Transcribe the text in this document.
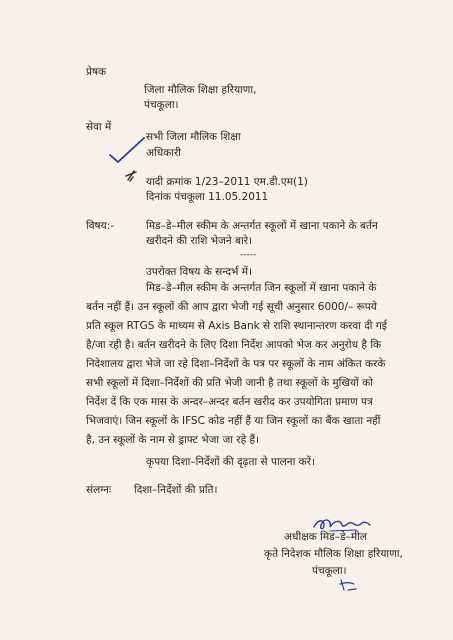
प्रेषक
जिला मौलिक शिक्षा हरियाणा,
पंचकूला।
सेवा में
सभी जिला मौलिक शिक्षा
अधिकारी
यादी क्रमांक 1/23–2011 एम.डी.एम(1)
दिनांक पंचकूला 11.05.2011
विषय:-	मिड–डे–मील स्कीम के अन्तर्गत स्कूलों में खाना पकाने के बर्तन
खरीदने की राशि भेजने बारे।
-----
उपरोक्त विषय के सन्दर्भ में।
मिड–डे–मील स्कीम के अन्तर्गत जिन स्कूलों में खाना पकाने के
बर्तन नहीं हैं। उन स्कूलों की आप द्वारा भेजी गई सूची अनुसार 6000/– रूपये
प्रति स्कूल RTGS के माध्यम से Axis Bank से राशि स्थानान्तरण करवा दी गई
है/जा रही है। बर्तन खरीदने के लिए दिशा निर्देश आपको भेज कर अनुरोध है कि
निदेशालय द्वारा भेजे जा रहे दिशा–निर्देशों के पत्र पर स्कूलों के नाम अंकित करके
सभी स्कूलों में दिशा–निर्देशों की प्रति भेजी जानी है तथा स्कूलों के मुखियों को
निर्देश दें कि एक मास के अन्दर–अन्दर बर्तन खरीद कर उपयोगिता प्रमाण पत्र
भिजवाएं। जिन स्कूलों के IFSC कोड नहीं हैं या जिन स्कूलों का बैंक खाता नहीं
है, उन स्कूलों के नाम से ड्राफ्ट भेजा जा रहे हैं।
कृपया दिशा–निर्देशों की दृढ़ता से पालना करें।
संलग्नः दिशा–निर्देशों की प्रति।
अधीक्षक मिड–डे–मील
कृते निदेशक मौलिक शिक्षा हरियाणा,
पंचकूला।
